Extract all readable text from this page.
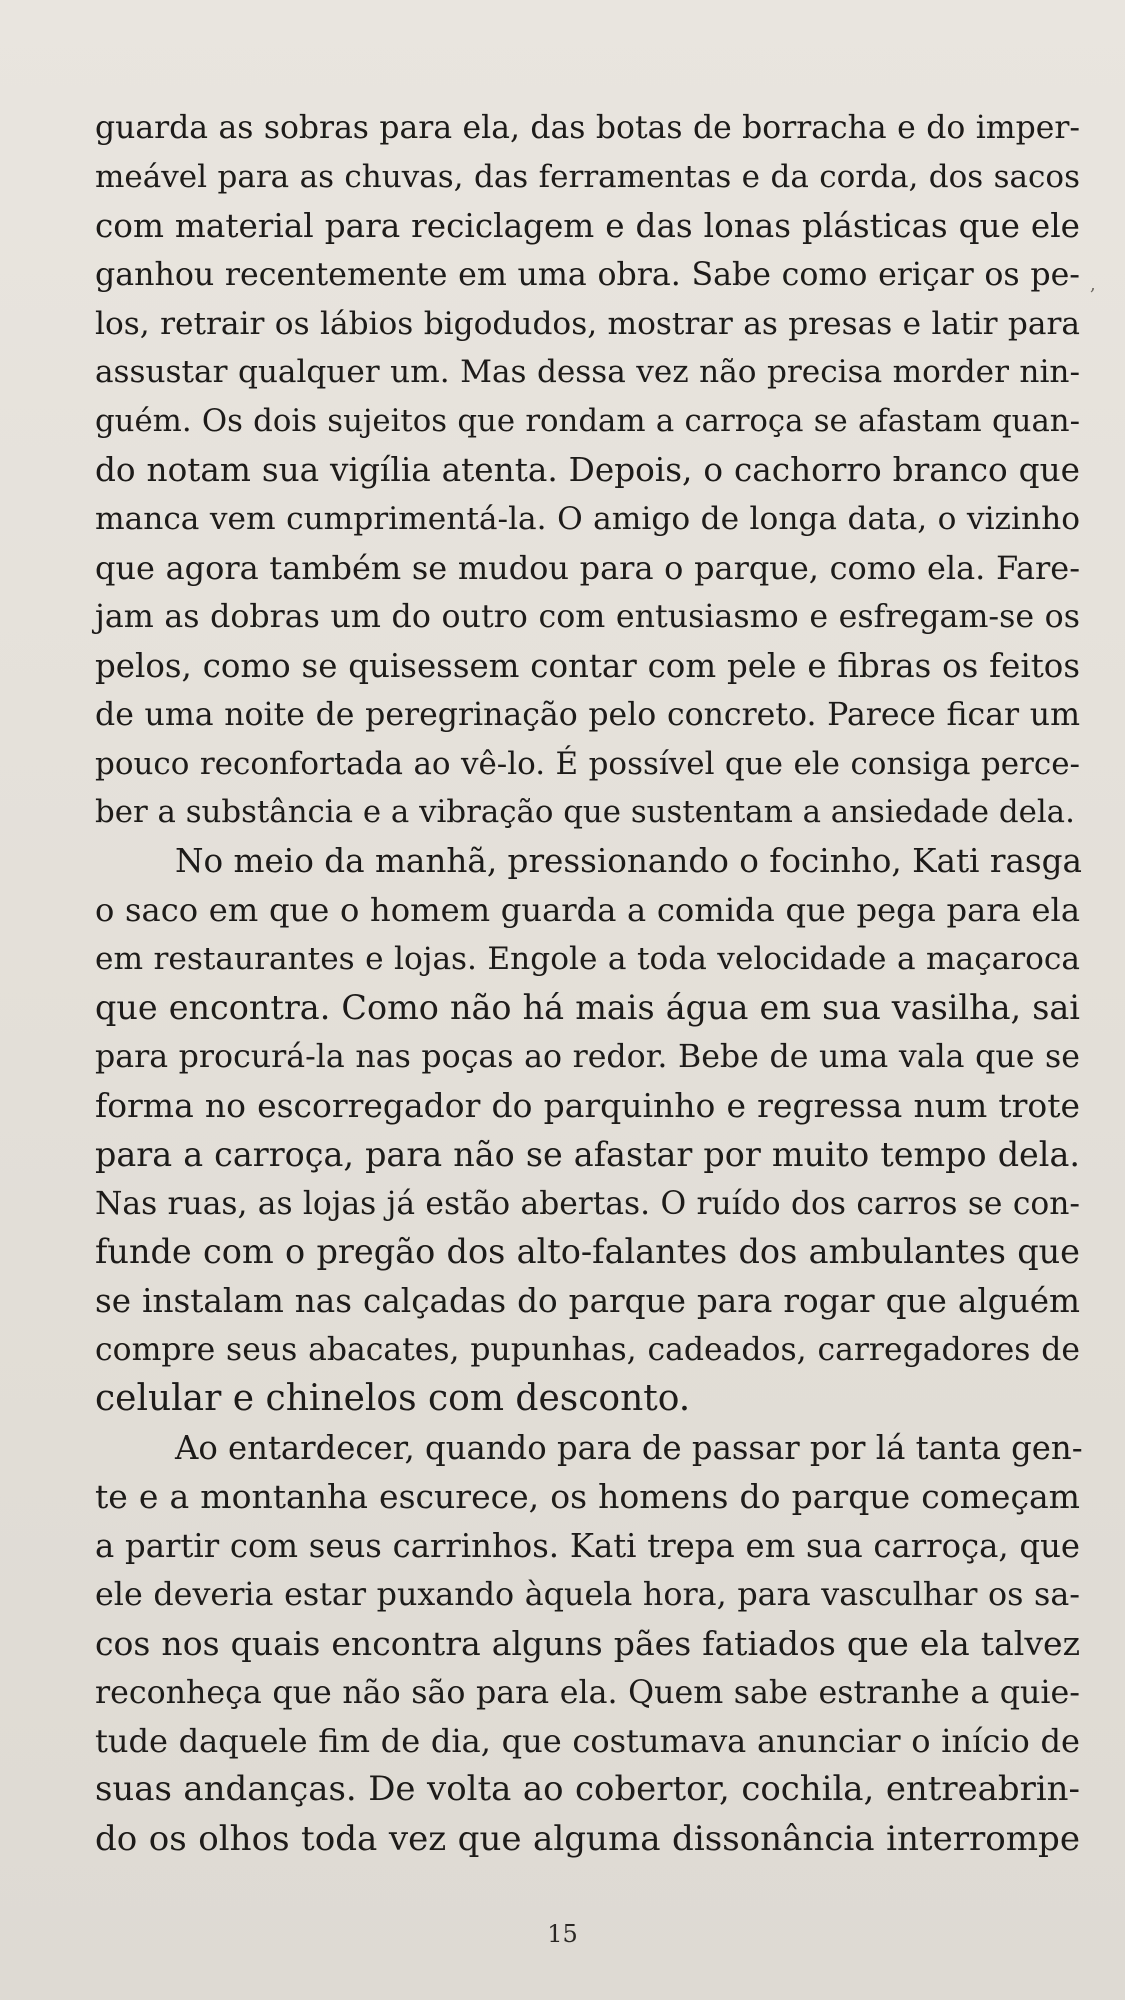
guarda as sobras para ela, das botas de borracha e do imper-
meável para as chuvas, das ferramentas e da corda, dos sacos
com material para reciclagem e das lonas plásticas que ele
ganhou recentemente em uma obra. Sabe como eriçar os pe-
los, retrair os lábios bigodudos, mostrar as presas e latir para
assustar qualquer um. Mas dessa vez não precisa morder nin-
guém. Os dois sujeitos que rondam a carroça se afastam quan-
do notam sua vigília atenta. Depois, o cachorro branco que
manca vem cumprimentá-la. O amigo de longa data, o vizinho
que agora também se mudou para o parque, como ela. Fare-
jam as dobras um do outro com entusiasmo e esfregam-se os
pelos, como se quisessem contar com pele e fibras os feitos
de uma noite de peregrinação pelo concreto. Parece ficar um
pouco reconfortada ao vê-lo. É possível que ele consiga perce-
ber a substância e a vibração que sustentam a ansiedade dela.
No meio da manhã, pressionando o focinho, Kati rasga
o saco em que o homem guarda a comida que pega para ela
em restaurantes e lojas. Engole a toda velocidade a maçaroca
que encontra. Como não há mais água em sua vasilha, sai
para procurá-la nas poças ao redor. Bebe de uma vala que se
forma no escorregador do parquinho e regressa num trote
para a carroça, para não se afastar por muito tempo dela.
Nas ruas, as lojas já estão abertas. O ruído dos carros se con-
funde com o pregão dos alto-falantes dos ambulantes que
se instalam nas calçadas do parque para rogar que alguém
compre seus abacates, pupunhas, cadeados, carregadores de
celular e chinelos com desconto.
Ao entardecer, quando para de passar por lá tanta gen-
te e a montanha escurece, os homens do parque começam
a partir com seus carrinhos. Kati trepa em sua carroça, que
ele deveria estar puxando àquela hora, para vasculhar os sa-
cos nos quais encontra alguns pães fatiados que ela talvez
reconheça que não são para ela. Quem sabe estranhe a quie-
tude daquele fim de dia, que costumava anunciar o início de
suas andanças. De volta ao cobertor, cochila, entreabrin-
do os olhos toda vez que alguma dissonância interrompe
,
15
